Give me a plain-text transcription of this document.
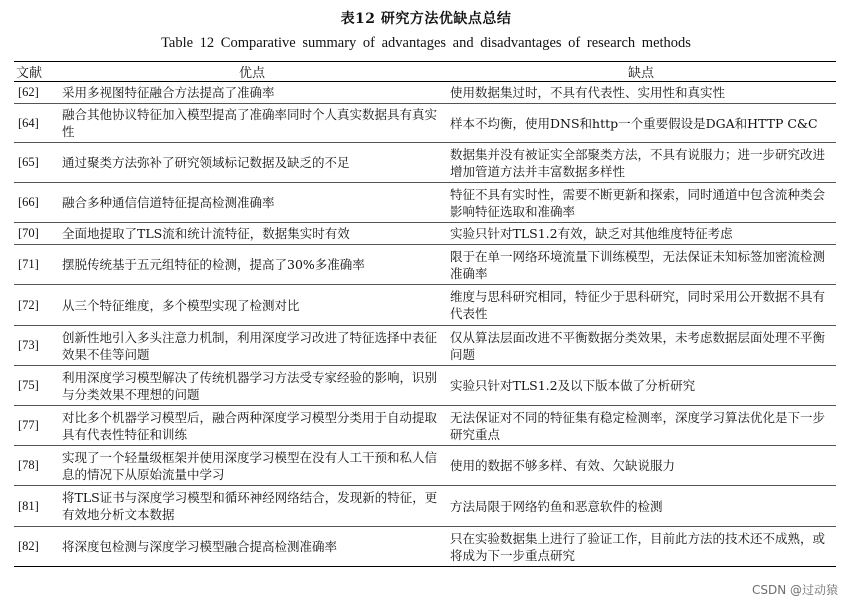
表12 研究方法优缺点总结
Table 12 Comparative summary of advantages and disadvantages of research methods
文献	优点	缺点
[62]	采用多视图特征融合方法提高了准确率	使用数据集过时，不具有代表性、实用性和真实性
[64]	融合其他协议特征加入模型提高了准确率同时个人真实数据具有真实性	样本不均衡，使用DNS和http一个重要假设是DGA和HTTP C&C
[65]	通过聚类方法弥补了研究领域标记数据及缺乏的不足	数据集并没有被证实全部聚类方法，不具有说服力；进一步研究改进增加管道方法并丰富数据多样性
[66]	融合多种通信信道特征提高检测准确率	特征不具有实时性，需要不断更新和探索，同时通道中包含流种类会影响特征选取和准确率
[70]	全面地提取了TLS流和统计流特征，数据集实时有效	实验只针对TLS1.2有效，缺乏对其他维度特征考虑
[71]	摆脱传统基于五元组特征的检测，提高了30%多准确率	限于在单一网络环境流量下训练模型，无法保证未知标签加密流检测准确率
[72]	从三个特征维度，多个模型实现了检测对比	维度与思科研究相同，特征少于思科研究，同时采用公开数据不具有代表性
[73]	创新性地引入多头注意力机制，利用深度学习改进了特征选择中表征效果不佳等问题	仅从算法层面改进不平衡数据分类效果，未考虑数据层面处理不平衡问题
[75]	利用深度学习模型解决了传统机器学习方法受专家经验的影响，识别与分类效果不理想的问题	实验只针对TLS1.2及以下版本做了分析研究
[77]	对比多个机器学习模型后，融合两种深度学习模型分类用于自动提取具有代表性特征和训练	无法保证对不同的特征集有稳定检测率，深度学习算法优化是下一步研究重点
[78]	实现了一个轻量级框架并使用深度学习模型在没有人工干预和私人信息的情况下从原始流量中学习	使用的数据不够多样、有效、欠缺说服力
[81]	将TLS证书与深度学习模型和循环神经网络结合，发现新的特征，更有效地分析文本数据	方法局限于网络钓鱼和恶意软件的检测
[82]	将深度包检测与深度学习模型融合提高检测准确率	只在实验数据集上进行了验证工作，目前此方法的技术还不成熟，或将成为下一步重点研究
CSDN @过动猿
